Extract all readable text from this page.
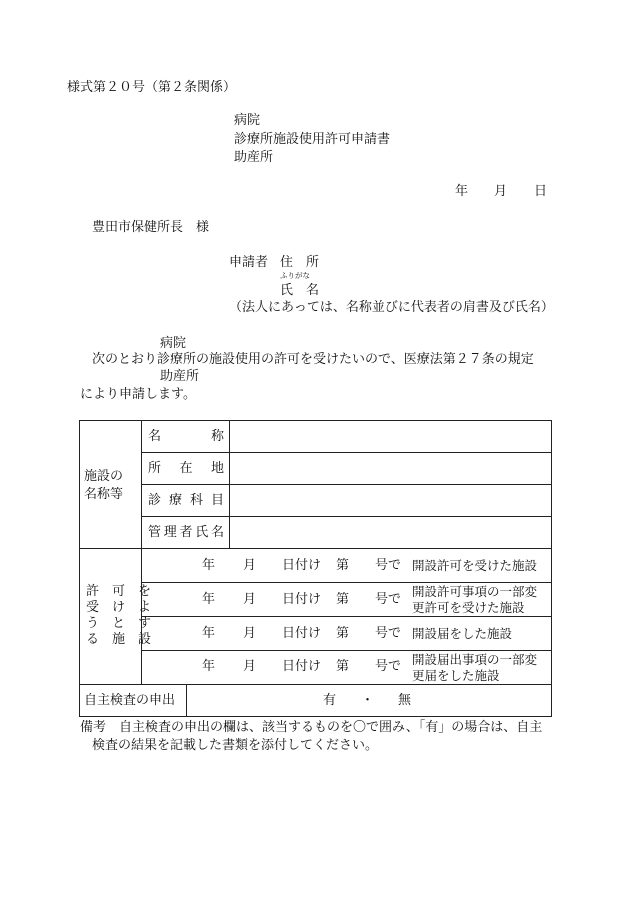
様式第２０号（第２条関係）
病院
診療所施設使用許可申請書
助産所
年 月 日
豊田市保健所長　様
申請者 住　所
ふりがな
氏　名
（法人にあっては、名称並びに代表者の肩書及び氏名）
病院
次のとおり診療所の施設使用の許可を受けたいので、医療法第２７条の規定
助産所
により申請します。
施設の
名称等
名	称
所 在 地
診 療 科 目
管 理 者 氏 名
許　可　を
受　け　よ
う　と　す
る　施　設
年 月 日付け 第 号で 開設許可を受けた施設
年 月 日付け 第 号で
開設許可事項の一部変
更許可を受けた施設
年 月 日付け 第 号で 開設届をした施設
年 月 日付け 第 号で 開設届出事項の一部変
更届をした施設
自主検査の申出	有 ・ 無
備考　自主検査の申出の欄は、該当するものを〇で囲み、「有」の場合は、自主
検査の結果を記載した書類を添付してください。
